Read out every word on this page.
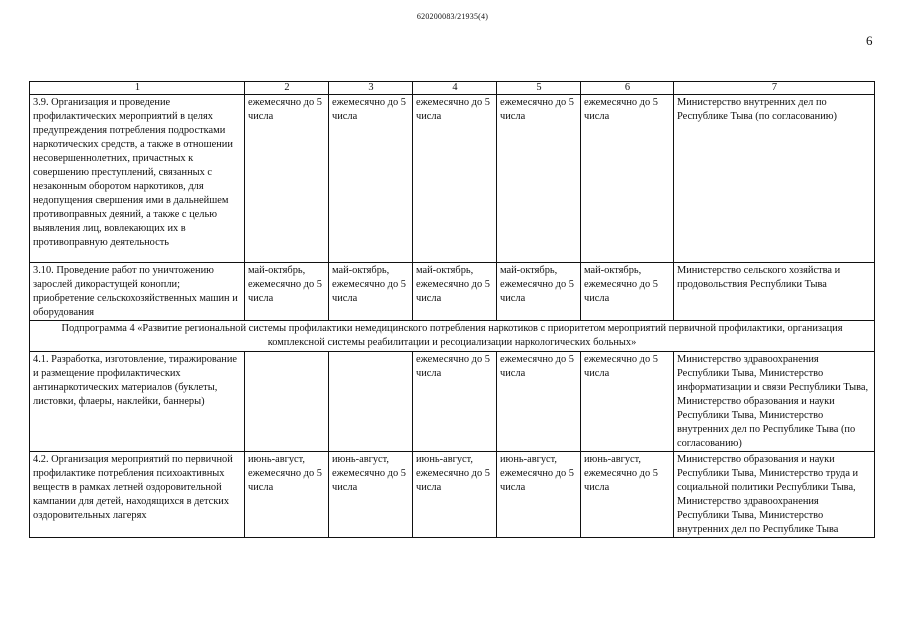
620200083/21935(4)
6
1	2	3	4	5	6	7
3.9. Организация и проведение профилактических мероприятий в целях предупреждения потребления подростками наркотических средств, а также в отношении несовершеннолетних, причастных к совершению преступлений, связанных с незаконным оборотом наркотиков, для недопущения свершения ими в дальнейшем противоправных деяний, а также с целью выявления лиц, вовлекающих их в противоправную деятельность	ежемесячно до 5 числа	ежемесячно до 5 числа	ежемесячно до 5 числа	ежемесячно до 5 числа	ежемесячно до 5 числа	Министерство внутренних дел по Республике Тыва (по согласованию)
3.10. Проведение работ по уничтожению зарослей дикорастущей конопли; приобретение сельскохозяйственных машин и оборудования	май-октябрь, ежемесячно до 5 числа	май-октябрь, ежемесячно до 5 числа	май-октябрь, ежемесячно до 5 числа	май-октябрь, ежемесячно до 5 числа	май-октябрь, ежемесячно до 5 числа	Министерство сельского хозяйства и продовольствия Республики Тыва
Подпрограмма 4 «Развитие региональной системы профилактики немедицинского потребления наркотиков с приоритетом мероприятий первичной профилактики, организация комплексной системы реабилитации и ресоциализации наркологических больных»						
4.1. Разработка, изготовление, тиражирование и размещение профилактических антинаркотических материалов (буклеты, листовки, флаеры, наклейки, баннеры)			ежемесячно до 5 числа	ежемесячно до 5 числа	ежемесячно до 5 числа	Министерство здравоохранения Республики Тыва, Министерство информатизации и связи Республики Тыва, Министерство образования и науки Республики Тыва, Министерство внутренних дел по Республике Тыва (по согласованию)
4.2. Организация мероприятий по первичной профилактике потребления психоактивных веществ в рамках летней оздоровительной кампании для детей, находящихся в детских оздоровительных лагерях	июнь-август, ежемесячно до 5 числа	июнь-август, ежемесячно до 5 числа	июнь-август, ежемесячно до 5 числа	июнь-август, ежемесячно до 5 числа	июнь-август, ежемесячно до 5 числа	Министерство образования и науки Республики Тыва, Министерство труда и социальной политики Республики Тыва, Министерство здравоохранения Республики Тыва, Министерство внутренних дел по Республике Тыва
